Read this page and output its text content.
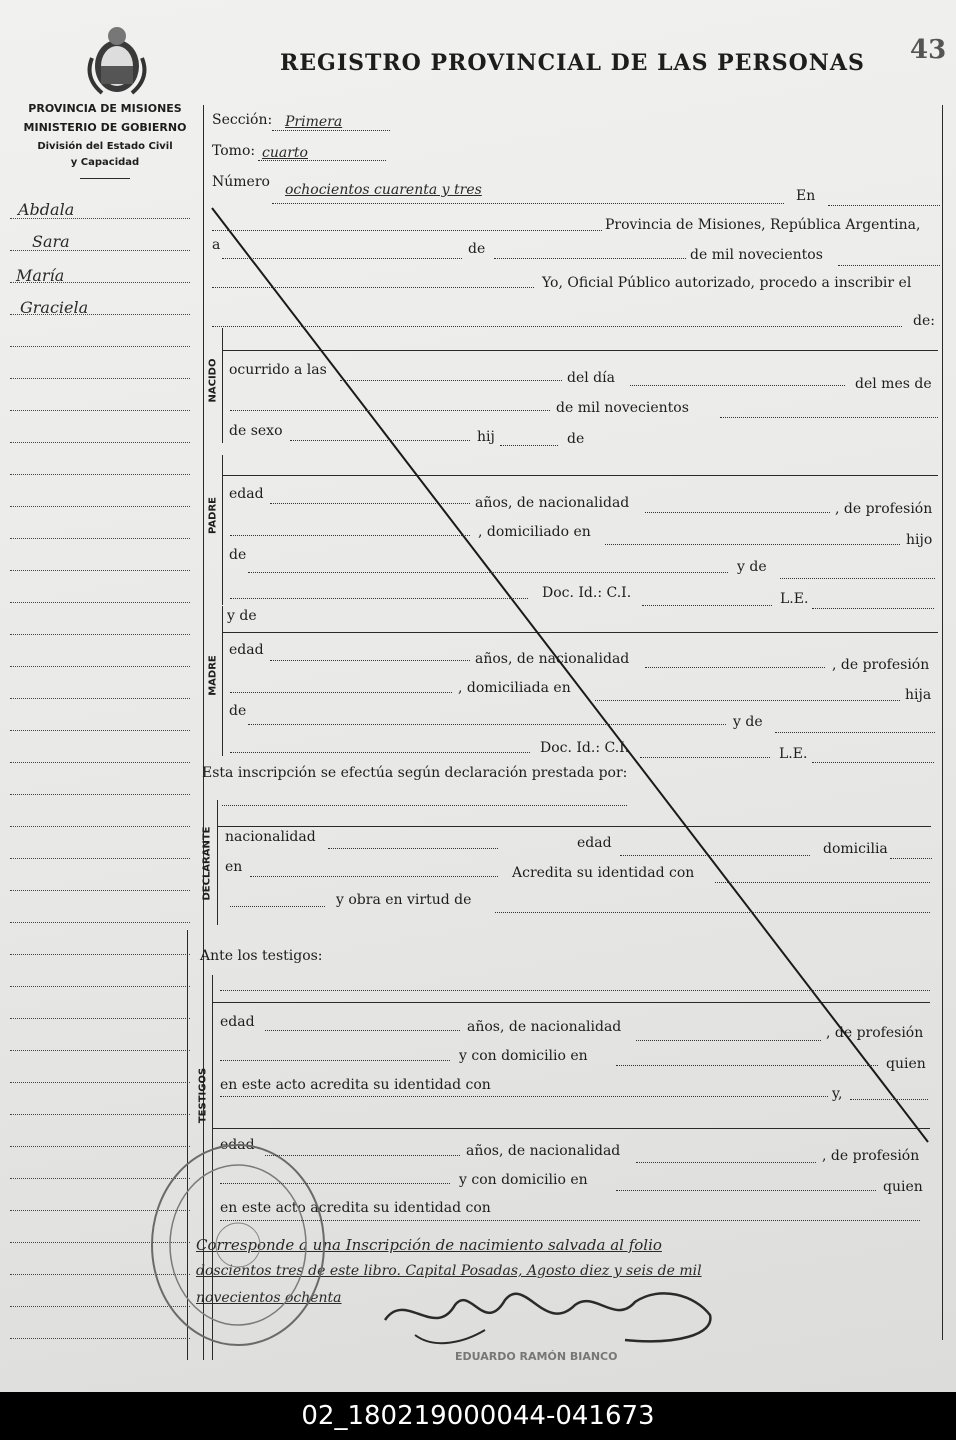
REGISTRO PROVINCIAL DE LAS PERSONAS 43
PROVINCIA DE MISIONES
MINISTERIO DE GOBIERNO
División del Estado Civil
y Capacidad
Abdala
Sara
María
Graciela
Sección: Primera
Tomo: cuarto
Número ochocientos cuarenta y tres	En
Provincia de Misiones, República Argentina,
a	de	de mil novecientos
Yo, Oficial Público autorizado, procedo a inscribir el
de:
NACIDO ocurrido a las	del día	del mes de
de mil novecientos
de sexo	hij	de
PADRE
edad
años, de nacionalidad	, de profesión
, domiciliado en	hijo
de
y de
Doc. Id.: C.I.	L.E.
MADRE
y de
edad
años, de nacionalidad	, de profesión
, domiciliada en	hija
de
y de
Doc. Id.: C.I.	L.E.
Esta inscripción se efectúa según declaración prestada por:
DECLARANTE nacionalidad	edad	domicilia
en	Acredita su identidad con
y obra en virtud de
Ante los testigos:
TESTIGOS
edad	años, de nacionalidad	, de profesión
y con domicilio en	quien
en este acto acredita su identidad con
y,
edad	años, de nacionalidad	, de profesión
y con domicilio en	quien
en este acto acredita su identidad con
Corresponde a una Inscripción de nacimiento salvada al folio
doscientos tres de este libro. Capital Posadas, Agosto diez y seis de mil
novecientos ochenta
EDUARDO RAMÓN BIANCO
02_180219000044-041673
